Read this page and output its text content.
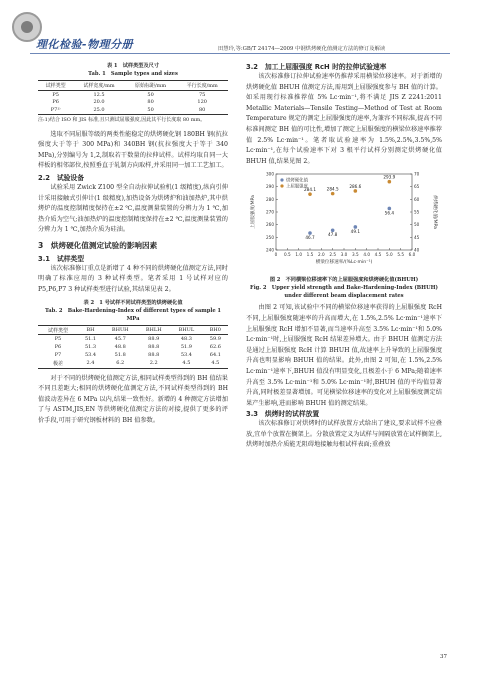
理化检验-物理分册	田慧玲,等:GB/T 24174—2009 中钢烘烤硬化值测定方法的修订及解读
表 1　试样类型及尺寸
Tab. 1　Sample types and sizes
试样类型	试样宽度/mm	原始标距/mm	平行长度/mm
P5	12.5	50	75
P6	20.0	80	120
P7¹⁾	25.0	50	80
注:1)结合 ISO 和 JIS 标准,且只测试屈服强度,因此其平行长度取 80 mm。

选取不同屈服等级的两类性能稳定的烘烤硬化钢 180BH 钢(抗拉强度大于等于 300 MPa)和 340BH 钢(抗拉强度大于等于 340 MPa),分别编号为 1,2,制取若干数量的拉伸试样。试样均取自同一大样板的相邻部位,按照垂直于轧制方向取样,并采用同一加工工艺加工。

2.2　试验设备

试验采用 Zwick Z100 型全自动拉伸试验机(1 级精度),纵向引伸计采用接触式引伸计(1 级精度),加热设备为烘烤炉和油加热炉,其中烘烤炉的温度控制精度保持在±2 ℃,温度测量装置的分辨力为 1 ℃,加热介质为空气;油加热炉的温度控制精度保持在±2 ℃,温度测量装置的分辨力为 1 ℃,加热介质为硅油。

3　烘烤硬化值测定试验的影响因素
3.1　试样类型

该次标准修订重点是新增了 4 种不同的烘烤硬化值测定方法,同时明确了标准应用的 3 种试样类型。笔者采用 1 号试样对应的 P5,P6,P7 3 种试样类型进行试验,其结果见表 2。

表 2　1 号试样不同试样类型的烘烤硬化值
Tab. 2　Bake-Hardening-Index of different types of sample 1　MPa
试样类型	BH	BHUH	BHLH	BHUL	BH0
P5	51.1	45.7	88.9	48.3	59.9
P6	51.3	48.8	88.8	51.9	62.6
P7	53.4	51.8	88.8	53.4	64.1
极差	2.4	6.2	2.2	4.5	4.5

对于不同的烘烤硬化值测定方法,相同试样类型得到的 BH 值结果不同且差距大;相同的烘烤硬化值测定方法,不同试样类型得到的 BH 值波动差异在 6 MPa 以内,结果一致性好。新增的 4 种测定方法增加了与 ASTM,JIS,EN 等烘烤硬化值测定方法的对接,提供了更多的评价手段,可用于研究钢板材料的 BH 值参数。

3.2　加工上屈服强度 RcH 时的拉伸试验速率

该次标准修订拉伸试验速率仍推荐采用横梁位移速率。对于新增的烘烤硬化值 BHUH 值测定方法,需用到上屈服强度参与 BH 值的计算。如采用现行标准推荐值 5% Lc·min⁻¹,将不满足 JIS Z 2241:2011 Metallic Materials—Tensile Testing—Method of Test at Room Temperature 规定的测定上屈服强度的速率,为兼容不同标准,提高不同标准间测定 BH 值的可比性,增加了测定上屈服强度的横梁位移速率推荐值 2.5% Lc·min⁻¹。笔者取试验速率为 1.5%,2.5%,3.5%,5% Lc·min⁻¹,在每个试验速率下对 3 根平行试样分别测定烘烤硬化值 BHUH 值,结果见图 2。

0 0.5 1.0 1.5 2.0 2.5 3.0 3.5 4.0 4.5 5.0 5.5 6.0
240
250
260
270
280
290
300
40
45
50
55
60
65
70
横梁位移速率/(%Lc·min⁻¹)
上屈服强度/MPa	烘烤硬化值/MPa
烘烤硬化值
46.7
47.8
49.1
56.4
上屈服强度
284.1	284.5
286.6
293.9
图 2　不同横梁位移速率下的上屈服强度和烘烤硬化值(BHUH)
Fig. 2　Upper yield strength and Bake-Hardening-Index (BHUH)
under different beam displacement rates

由图 2 可知,该试验中不同的横梁位移速率获得的上屈服强度 RcH 不同,上屈服强度随速率的升高而增大,在 1.5%,2.5% Lc·min⁻¹速率下上屈服强度 RcH 增加不显著,而当速率升高至 3.5% Lc·min⁻¹和 5.0% Lc·min⁻¹时,上屈服强度 RcH 结果差异增大。由于 BHUH 值测定方法是通过上屈服强度 RcH 计算 BHUH 值,故速率上升导致的上屈服强度升高也明显影响 BHUH 值的结果。此外,由图 2 可知,在 1.5%,2.5% Lc·min⁻¹速率下,BHUH 值没有明显变化,且极差小于 6 MPa;随着速率升高至 3.5% Lc·min⁻¹和 5.0% Lc·min⁻¹时,BHUH 值的平均值显著升高,同时极差显著增加。可见横梁位移速率的变化对上屈服强度测定结果产生影响,进而影响 BHUH 值的测定结果。

3.3　烘烤时的试样放置

该次标准修订对烘烤时的试样放置方式给出了建议,要求试样不应叠放,宜单个放置在搁架上。分散放置定义为试样与间隔放置在试样搁架上,烘烤时加热介质能无阻碍地接触每根试样表面;重叠放

37
